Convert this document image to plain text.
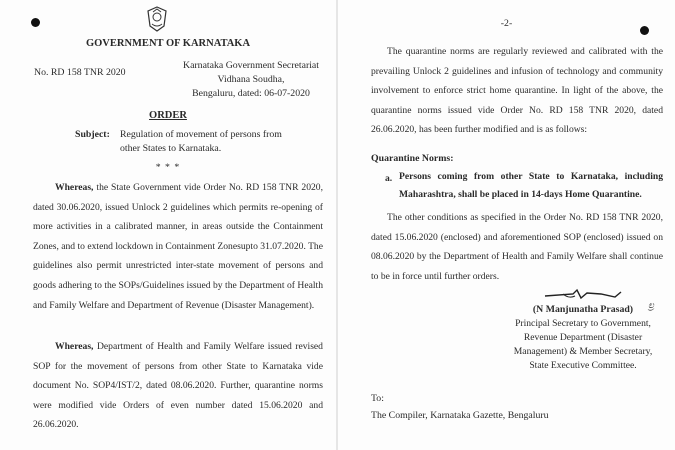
GOVERNMENT OF KARNATAKA
No. RD 158 TNR 2020
Karnataka Government Secretariat
Vidhana Soudha,
Bengaluru, dated: 06-07-2020
ORDER
Subject: Regulation of movement of persons from
other States to Karnataka.
* * *
Whereas, the State Government vide Order No. RD 158 TNR 2020, dated 30.06.2020, issued Unlock 2 guidelines which permits re-opening of more activities in a calibrated manner, in areas outside the Containment Zones, and to extend lockdown in Containment Zonesupto 31.07.2020. The guidelines also permit unrestricted inter-state movement of persons and goods adhering to the SOPs/Guidelines issued by the Department of Health and Family Welfare and Department of Revenue (Disaster Management).
Whereas, Department of Health and Family Welfare issued revised SOP for the movement of persons from other State to Karnataka vide document No. SOP4/IST/2, dated 08.06.2020. Further, quarantine norms were modified vide Orders of even number dated 15.06.2020 and 26.06.2020.
-2-
The quarantine norms are regularly reviewed and calibrated with the prevailing Unlock 2 guidelines and infusion of technology and community involvement to enforce strict home quarantine. In light of the above, the quarantine norms issued vide Order No. RD 158 TNR 2020, dated 26.06.2020, has been further modified and is as follows:
Quarantine Norms:
a. Persons coming from other State to Karnataka, including Maharashtra, shall be placed in 14-days Home Quarantine.
The other conditions as specified in the Order No. RD 158 TNR 2020, dated 15.06.2020 (enclosed) and aforementioned SOP (enclosed) issued on 08.06.2020 by the Department of Health and Family Welfare shall continue to be in force until further orders.
ಲ್ರ
(N Manjunatha Prasad)
Principal Secretary to Government,
Revenue Department (Disaster
Management) & Member Secretary,
State Executive Committee.
To:
The Compiler, Karnataka Gazette, Bengaluru
